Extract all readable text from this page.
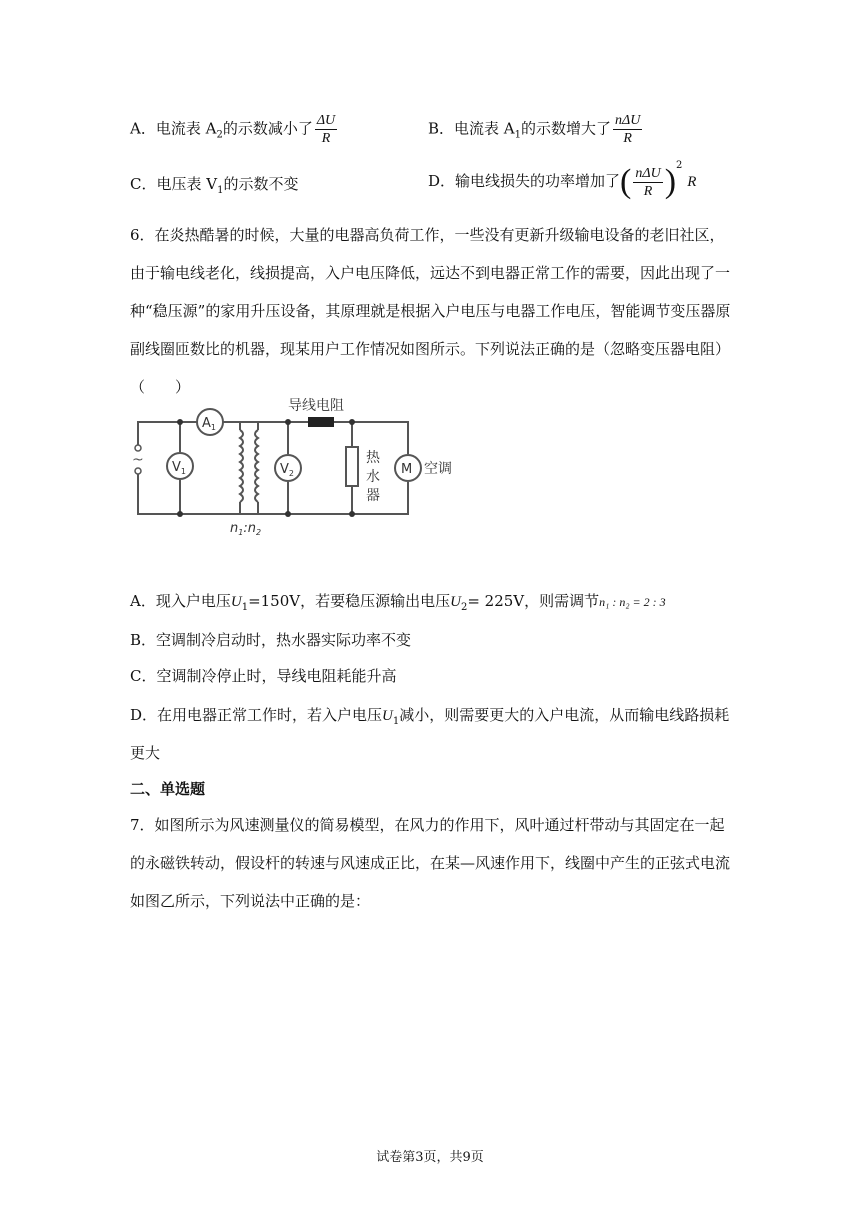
A．电流表 $A_2$的示数减小了 $\frac{\Delta U}{R}$	B．电流表 $A_1$的示数增大了 $\frac{\text{nΔU}}{R}$
C．电压表 $V_1$的示数不变	D．输电线损失的功率增加了( $\frac{\text{nΔU}}{R} )^2$ R
6．在炎热酷暑的时候，大量的电器高负荷工作，一些没有更新升级输电设备的老旧社区，由于输电线老化，线损提高，入户电压降低，远达不到电器正常工作的需要，因此出现了一种“稳压源”的家用升压设备，其原理就是根据入户电压与电器工作电压，智能调节变压器原副线圈匝数比的机器，现某用户工作情况如图所示。下列说法正确的是（忽略变压器电阻）（　　）
~ $V_1$
$A_1$
$V_2$
导线电阻
热
水
器
M 空调
$n_1:n_2$
A．现入户电压$U_1=150V$，若要稳压源输出电压$U_2= 225V$，则需调节n₁ : n₂ = 2 : 3
B．空调制冷启动时，热水器实际功率不变
C．空调制冷停止时，导线电阻耗能升高
D．在用电器正常工作时，若入户电压$U_1$减小，则需要更大的入户电流，从而输电线路损耗
更大
二、单选题
7．如图所示为风速测量仪的简易模型，在风力的作用下，风叶通过杆带动与其固定在一起的永磁铁转动，假设杆的转速与风速成正比，在某—风速作用下，线圈中产生的正弦式电流如图乙所示，下列说法中正确的是：
试卷第3页，共9页
